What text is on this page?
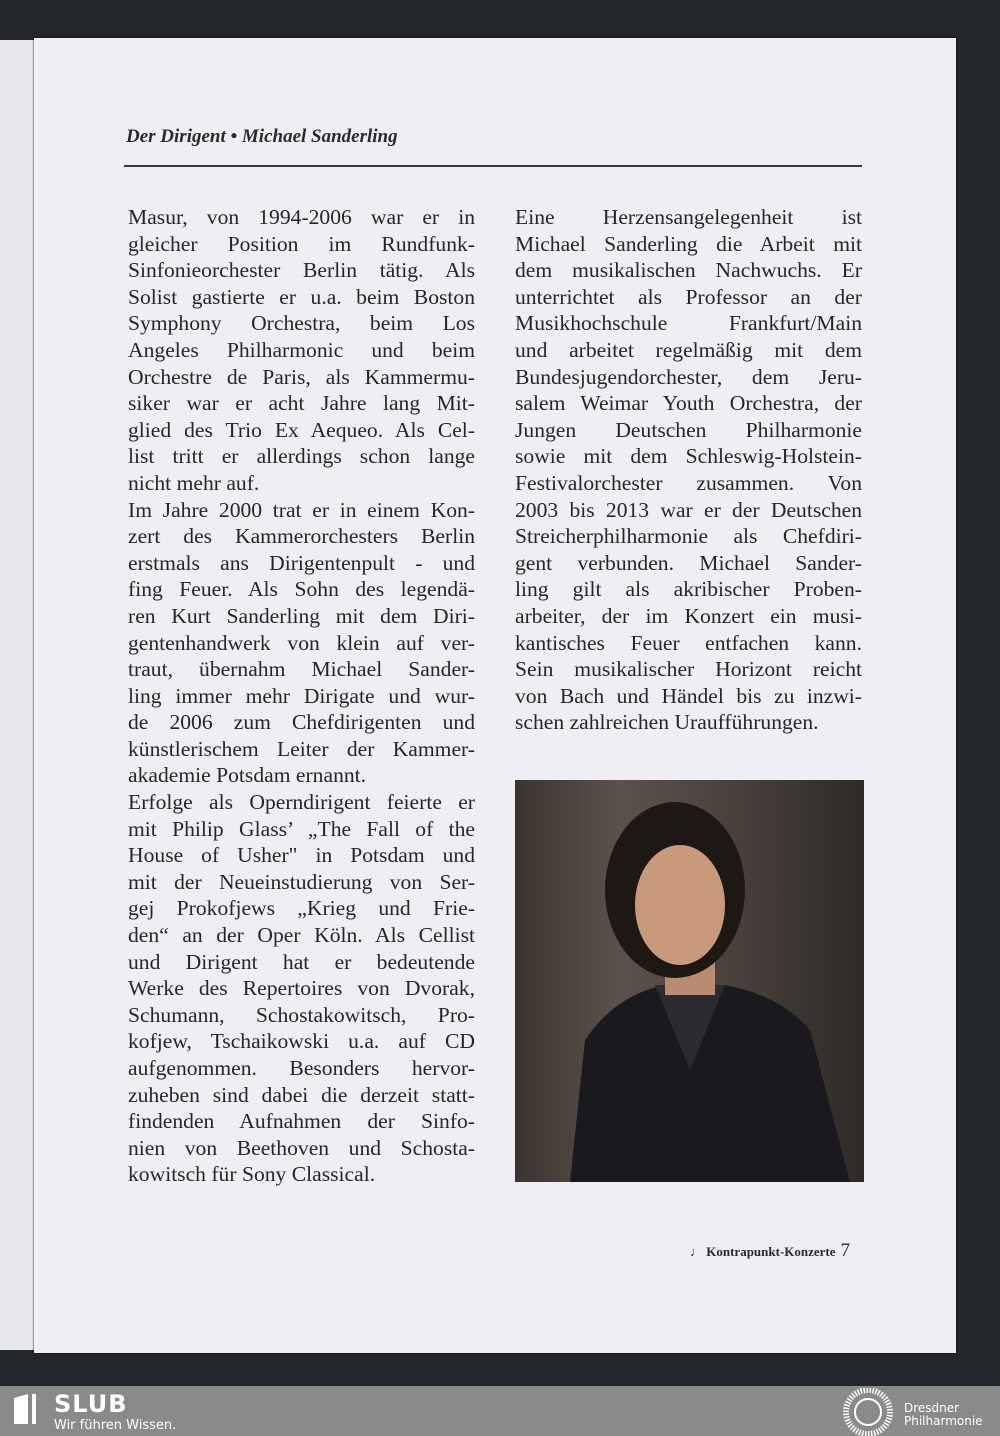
Der Dirigent • Michael Sanderling
Masur, von 1994-2006 war er in
gleicher Position im Rundfunk-
Sinfonieorchester Berlin tätig. Als
Solist gastierte er u.a. beim Boston
Symphony Orchestra, beim Los
Angeles Philharmonic und beim
Orchestre de Paris, als Kammermu-
siker war er acht Jahre lang Mit-
glied des Trio Ex Aequeo. Als Cel-
list tritt er allerdings schon lange
nicht mehr auf.
Im Jahre 2000 trat er in einem Kon-
zert des Kammerorchesters Berlin
erstmals ans Dirigentenpult - und
fing Feuer. Als Sohn des legendä-
ren Kurt Sanderling mit dem Diri-
gentenhandwerk von klein auf ver-
traut, übernahm Michael Sander-
ling immer mehr Dirigate und wur-
de 2006 zum Chefdirigenten und
künstlerischem Leiter der Kammer-
akademie Potsdam ernannt.
Erfolge als Operndirigent feierte er
mit Philip Glass’ „The Fall of the
House of Usher" in Potsdam und
mit der Neueinstudierung von Ser-
gej Prokofjews „Krieg und Frie-
den“ an der Oper Köln. Als Cellist
und Dirigent hat er bedeutende
Werke des Repertoires von Dvorak,
Schumann, Schostakowitsch, Pro-
kofjew, Tschaikowski u.a. auf CD
aufgenommen. Besonders hervor-
zuheben sind dabei die derzeit statt-
findenden Aufnahmen der Sinfo-
nien von Beethoven und Schosta-
kowitsch für Sony Classical.
Eine Herzensangelegenheit ist
Michael Sanderling die Arbeit mit
dem musikalischen Nachwuchs. Er
unterrichtet als Professor an der
Musikhochschule Frankfurt/Main
und arbeitet regelmäßig mit dem
Bundesjugendorchester, dem Jeru-
salem Weimar Youth Orchestra, der
Jungen Deutschen Philharmonie
sowie mit dem Schleswig-Holstein-
Festivalorchester zusammen. Von
2003 bis 2013 war er der Deutschen
Streicherphilharmonie als Chefdiri-
gent verbunden. Michael Sander-
ling gilt als akribischer Proben-
arbeiter, der im Konzert ein musi-
kantisches Feuer entfachen kann.
Sein musikalischer Horizont reicht
von Bach und Händel bis zu inzwi-
schen zahlreichen Uraufführungen.
♩ Kontrapunkt-Konzerte 7
SLUB
Wir führen Wissen.
Dresdner
Philharmonie
